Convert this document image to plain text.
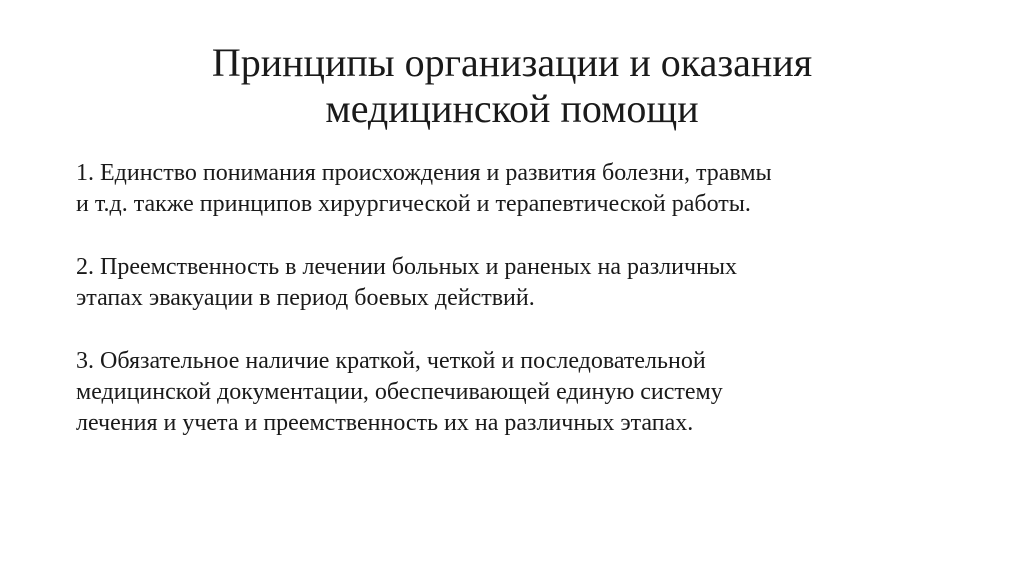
Принципы организации и оказания
медицинской помощи

1. Единство понимания происхождения и развития болезни, травмы
и т.д. также принципов хирургической и терапевтической работы.

2. Преемственность в лечении больных и раненых на различных
этапах эвакуации в период боевых действий.

3. Обязательное наличие краткой, четкой и последовательной
медицинской документации, обеспечивающей единую систему
лечения и учета и преемственность их на различных этапах.
